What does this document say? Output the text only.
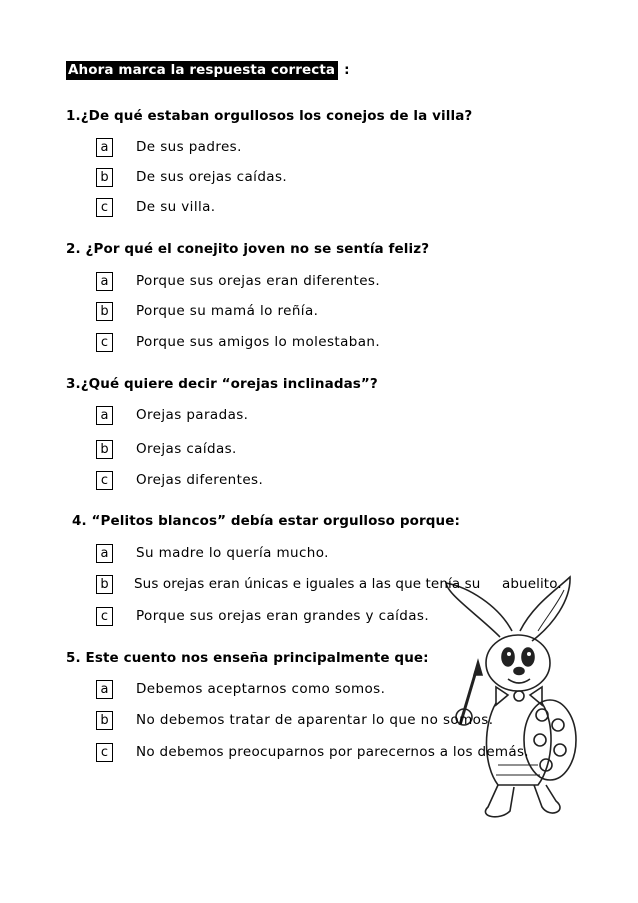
Ahora marca la respuesta correcta :
1.¿De qué estaban orgullosos los conejos de la villa?
a	De sus padres.
b	De sus orejas caídas.
c	De su villa.
2. ¿Por qué el conejito joven no se sentía feliz?
a	Porque sus orejas eran diferentes.
b	Porque su mamá lo reñía.
c	Porque sus amigos lo molestaban.
3.¿Qué quiere decir “orejas inclinadas”?
a	Orejas paradas.
b	Orejas caídas.
c	Orejas diferentes.
4. “Pelitos blancos” debía estar orgulloso porque:
a	Su madre lo quería mucho.
b	Sus orejas eran únicas e iguales a las que tenía su abuelito.
c	Porque sus orejas eran grandes y caídas.
5. Este cuento nos enseña principalmente que:
a	Debemos aceptarnos como somos.
b	No debemos tratar de aparentar lo que no somos.
c	No debemos preocuparnos por parecernos a los demás.
